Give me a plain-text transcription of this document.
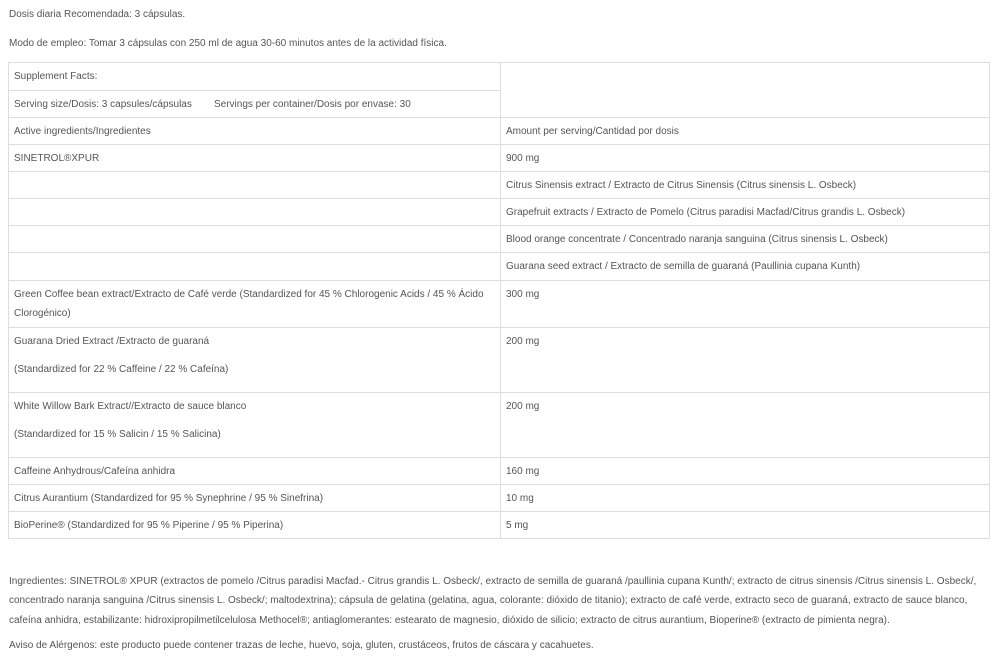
Dosis diaria Recomendada: 3 cápsulas.

Modo de empleo: Tomar 3 cápsulas con 250 ml de agua 30-60 minutos antes de la actividad física.

Supplement Facts:	
Serving size/Dosis: 3 capsules/cápsulas Servings per container/Dosis por envase: 30	
Active ingredients/Ingredientes	Amount per serving/Cantidad por dosis
SINETROL®XPUR	900 mg
	Citrus Sinensis extract / Extracto de Citrus Sinensis (Citrus sinensis L. Osbeck)
	Grapefruit extracts / Extracto de Pomelo (Citrus paradisi Macfad/Citrus grandis L. Osbeck)
	Blood orange concentrate / Concentrado naranja sanguina (Citrus sinensis L. Osbeck)
	Guarana seed extract / Extracto de semilla de guaraná (Paullinia cupana Kunth)
Green Coffee bean extract/Extracto de Café verde (Standardized for 45 % Chlorogenic Acids / 45 % Ácido Clorogénico)	300 mg
Guarana Dried Extract /Extracto de guaraná
(Standardized for 22 % Caffeine / 22 % Cafeína)	200 mg
White Willow Bark Extract//Extracto de sauce blanco
(Standardized for 15 % Salicin / 15 % Salicina)	200 mg
Caffeine Anhydrous/Cafeína anhidra	160 mg
Citrus Aurantium (Standardized for 95 % Synephrine / 95 % Sinefrina)	10 mg
BioPerine® (Standardized for 95 % Piperine / 95 % Piperina)	5 mg

Ingredientes: SINETROL® XPUR (extractos de pomelo /Citrus paradisi Macfad.- Citrus grandis L. Osbeck/, extracto de semilla de guaraná /paullinia cupana Kunth/; extracto de citrus sinensis /Citrus sinensis L. Osbeck/, concentrado naranja sanguina /Citrus sinensis L. Osbeck/; maltodextrina); cápsula de gelatina (gelatina, agua, colorante: dióxido de titanio); extracto de café verde, extracto seco de guaraná, extracto de sauce blanco, cafeína anhidra, estabilizante: hidroxipropilmetilcelulosa Methocel®; antiaglomerantes: estearato de magnesio, dióxido de silicio; extracto de citrus aurantium, Bioperine® (extracto de pimienta negra).

Aviso de Alérgenos: este producto puede contener trazas de leche, huevo, soja, gluten, crustáceos, frutos de cáscara y cacahuetes.
